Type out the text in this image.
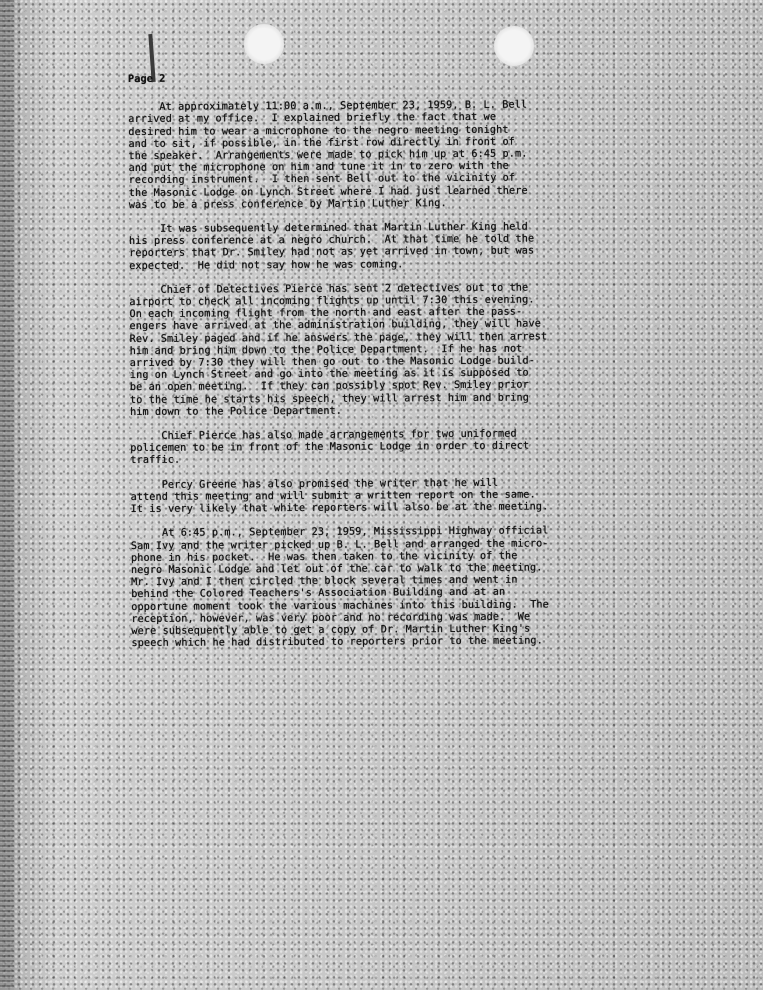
Page 2
At approximately 11:00 a.m., September 23, 1959, B. L. Bell
arrived at my office.  I explained briefly the fact that we
desired him to wear a microphone to the negro meeting tonight
and to sit, if possible, in the first row directly in front of
the speaker.  Arrangements were made to pick him up at 6:45 p.m.
and put the microphone on him and tune it in to zero with the
recording instrument.  I then sent Bell out to the vicinity of
the Masonic Lodge on Lynch Street where I had just learned there
was to be a press conference by Martin Luther King.
It was subsequently determined that Martin Luther King held
his press conference at a negro church.  At that time he told the
reporters that Dr. Smiley had not as yet arrived in town, but was
expected.  He did not say how he was coming.
Chief of Detectives Pierce has sent 2 detectives out to the
airport to check all incoming flights up until 7:30 this evening.
On each incoming flight from the north and east after the pass-
engers have arrived at the administration building, they will have
Rev. Smiley paged and if he answers the page, they will then arrest
him and bring him down to the Police Department.  If he has not
arrived by 7:30 they will then go out to the Masonic Lodge build-
ing on Lynch Street and go into the meeting as it is supposed to
be an open meeting.  If they can possibly spot Rev. Smiley prior
to the time he starts his speech, they will arrest him and bring
him down to the Police Department.
Chief Pierce has also made arrangements for two uniformed
policemen to be in front of the Masonic Lodge in order to direct
traffic.
Percy Greene has also promised the writer that he will
attend this meeting and will submit a written report on the same.
It is very likely that white reporters will also be at the meeting.
At 6:45 p.m., September 23, 1959, Mississippi Highway official
Sam Ivy and the writer picked up B. L. Bell and arranged the micro-
phone in his pocket.  He was then taken to the vicinity of the
negro Masonic Lodge and let out of the car to walk to the meeting.
Mr. Ivy and I then circled the block several times and went in
behind the Colored Teachers's Association Building and at an
opportune moment took the various machines into this building.  The
reception, however, was very poor and no recording was made.  We
were subsequently able to get a copy of Dr. Martin Luther King's
speech which he had distributed to reporters prior to the meeting.
